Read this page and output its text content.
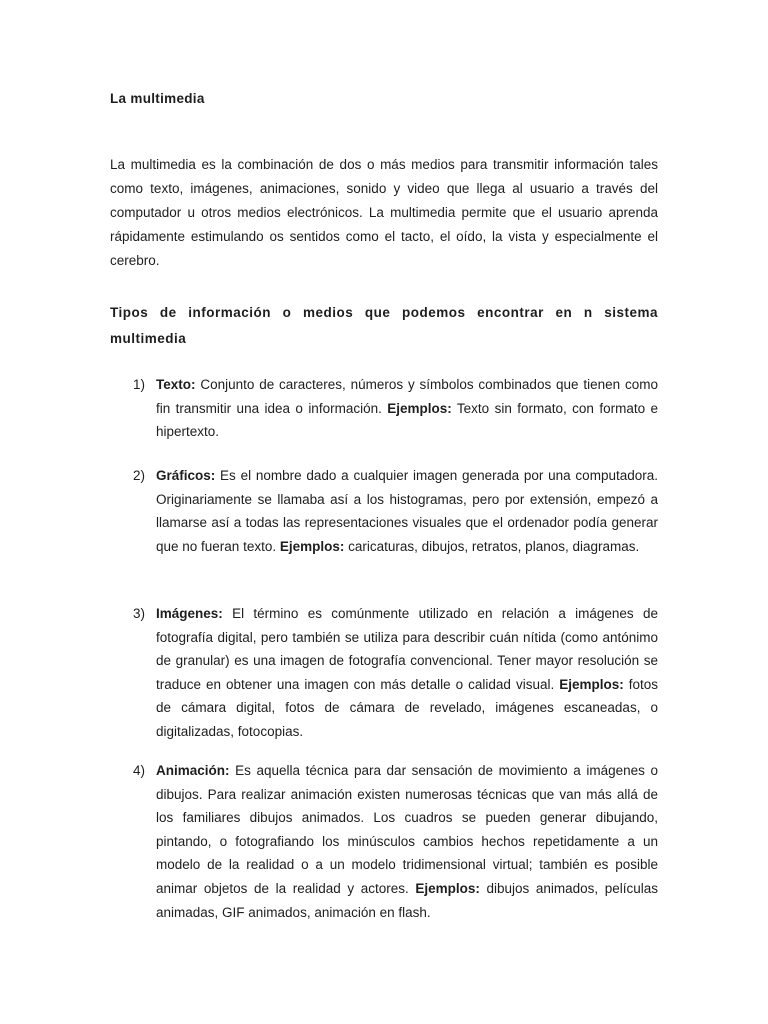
La multimedia

La multimedia es la combinación de dos o más medios para transmitir información tales como texto, imágenes, animaciones, sonido y video que llega al usuario a través del computador u otros medios electrónicos. La multimedia permite que el usuario aprenda rápidamente estimulando os sentidos como el tacto, el oído, la vista y especialmente el cerebro.

Tipos de información o medios que podemos encontrar en n sistema multimedia

1) Texto: Conjunto de caracteres, números y símbolos combinados que tienen como fin transmitir una idea o información. Ejemplos: Texto sin formato, con formato e hipertexto.

2) Gráficos: Es el nombre dado a cualquier imagen generada por una computadora. Originariamente se llamaba así a los histogramas, pero por extensión, empezó a llamarse así a todas las representaciones visuales que el ordenador podía generar que no fueran texto. Ejemplos: caricaturas, dibujos, retratos, planos, diagramas.

3) Imágenes: El término es comúnmente utilizado en relación a imágenes de fotografía digital, pero también se utiliza para describir cuán nítida (como antónimo de granular) es una imagen de fotografía convencional. Tener mayor resolución se traduce en obtener una imagen con más detalle o calidad visual. Ejemplos: fotos de cámara digital, fotos de cámara de revelado, imágenes escaneadas, o digitalizadas, fotocopias.

4) Animación: Es aquella técnica para dar sensación de movimiento a imágenes o dibujos. Para realizar animación existen numerosas técnicas que van más allá de los familiares dibujos animados. Los cuadros se pueden generar dibujando, pintando, o fotografiando los minúsculos cambios hechos repetidamente a un modelo de la realidad o a un modelo tridimensional virtual; también es posible animar objetos de la realidad y actores. Ejemplos: dibujos animados, películas animadas, GIF animados, animación en flash.
